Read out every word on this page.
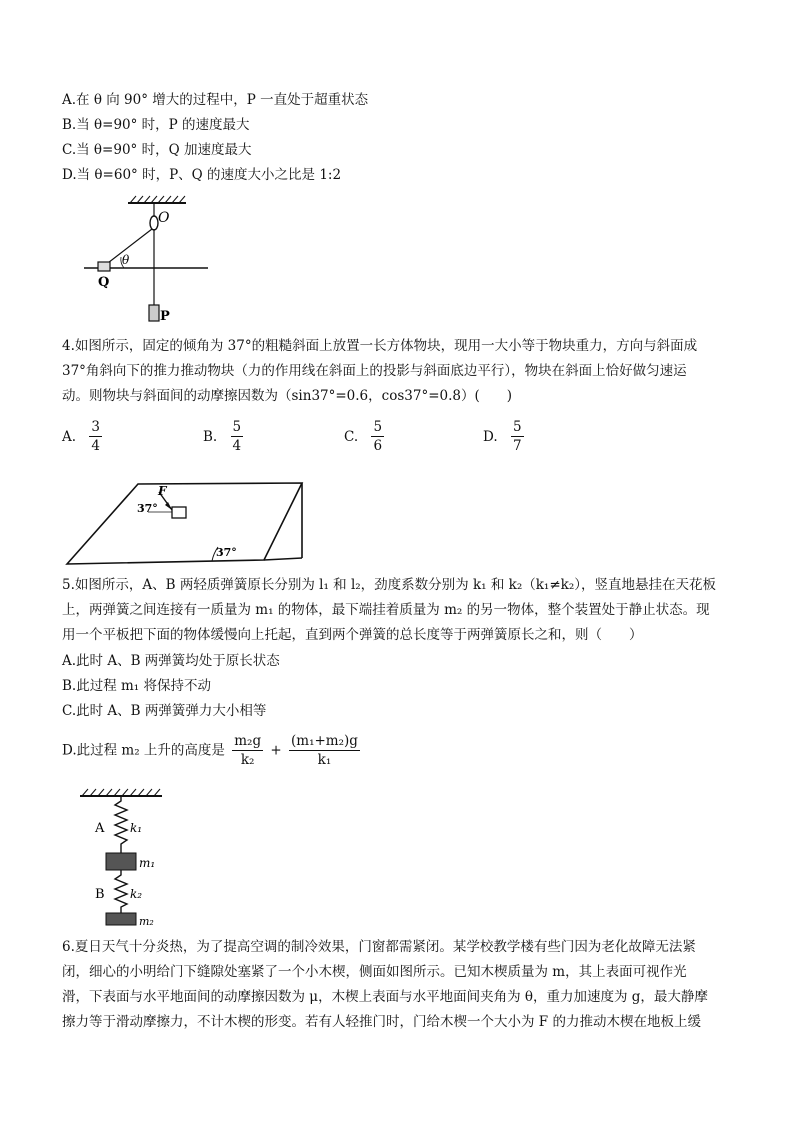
A.在 θ 向 90° 增大的过程中，P 一直处于超重状态
B.当 θ=90° 时，P 的速度最大
C.当 θ=90° 时，Q 加速度最大
D.当 θ=60° 时，P、Q 的速度大小之比是 1:2
O
θ
Q
P
4.如图所示，固定的倾角为 37°的粗糙斜面上放置一长方体物块，现用一大小等于物块重力，方向与斜面成
37°角斜向下的推力推动物块（力的作用线在斜面上的投影与斜面底边平行），物块在斜面上恰好做匀速运
动。则物块与斜面间的动摩擦因数为（sin37°=0.6，cos37°=0.8）(　　)
A. $\frac{3}{4}$	B. $\frac{5}{4}$	C. $\frac{5}{6}$	D. $\frac{5}{7}$
37°
F
37°
5.如图所示，A、B 两轻质弹簧原长分别为 l₁ 和 l₂，劲度系数分别为 k₁ 和 k₂（k₁≠k₂），竖直地悬挂在天花板
上，两弹簧之间连接有一质量为 m₁ 的物体，最下端挂着质量为 m₂ 的另一物体，整个装置处于静止状态。现
用一个平板把下面的物体缓慢向上托起，直到两个弹簧的总长度等于两弹簧原长之和，则（　　）
A.此时 A、B 两弹簧均处于原长状态
B.此过程 m₁ 将保持不动
C.此时 A、B 两弹簧弹力大小相等
D.此过程 m₂ 上升的高度是 $\frac{\text{m₂g}}{\text{k₂}} + \frac{\text{(m₁+m₂)g}}{\text{k₁}}$
A k₁
m₁
B k₂
m₂
6.夏日天气十分炎热，为了提高空调的制冷效果，门窗都需紧闭。某学校教学楼有些门因为老化故障无法紧
闭，细心的小明给门下缝隙处塞紧了一个小木楔，侧面如图所示。已知木楔质量为 m，其上表面可视作光
滑，下表面与水平地面间的动摩擦因数为 μ，木楔上表面与水平地面间夹角为 θ，重力加速度为 g，最大静摩
擦力等于滑动摩擦力，不计木楔的形变。若有人轻推门时，门给木楔一个大小为 F 的力推动木楔在地板上缓
